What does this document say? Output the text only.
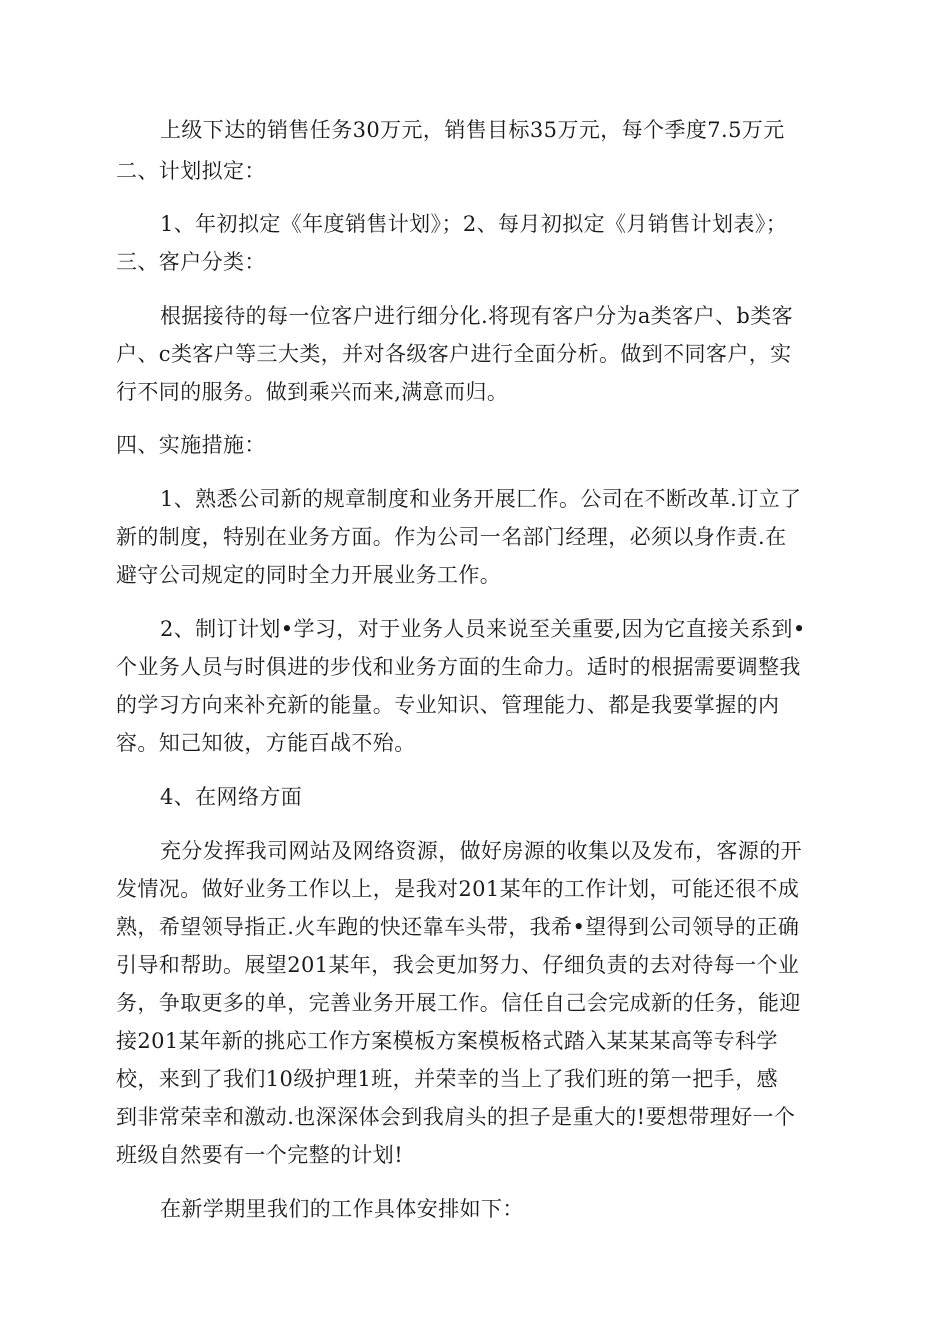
上级下达的销售任务30万元，销售目标35万元，每个季度7.5万元
二、计划拟定：
1、年初拟定《年度销售计划》；2、每月初拟定《月销售计划表》；
三、客户分类：
根据接待的每一位客户进行细分化.将现有客户分为a类客户、b类客
户、c类客户等三大类，并对各级客户进行全面分析。做到不同客户，实
行不同的服务。做到乘兴而来,满意而归。
四、实施措施：
1、熟悉公司新的规章制度和业务开展匚作。公司在不断改革.订立了
新的制度，特别在业务方面。作为公司一名部门经理，必须以身作责.在
避守公司规定的同时全力开展业务工作。
2、制订计划•学习，对于业务人员来说至关重要,因为它直接关系到•
个业务人员与时俱进的步伐和业务方面的生命力。适时的根据需要调整我
的学习方向来补充新的能量。专业知识、管理能力、都是我要掌握的内
容。知己知彼，方能百战不殆。
4、在网络方面
充分发挥我司网站及网络资源，做好房源的收集以及发布，客源的开
发情况。做好业务工作以上，是我对201某年的工作计划，可能还很不成
熟，希望领导指正.火车跑的快还靠车头带，我希•望得到公司领导的正确
引导和帮助。展望201某年，我会更加努力、仔细负责的去对待每一个业
务，争取更多的单，完善业务开展工作。信任自己会完成新的任务，能迎
接201某年新的挑応工作方案模板方案模板格式踏入某某某高等专科学
校，来到了我们10级护理1班，并荣幸的当上了我们班的第一把手，感
到非常荣幸和激动.也深深体会到我肩头的担子是重大的!要想带理好一个
班级自然要有一个完整的计划!
在新学期里我们的工作具体安排如下：
